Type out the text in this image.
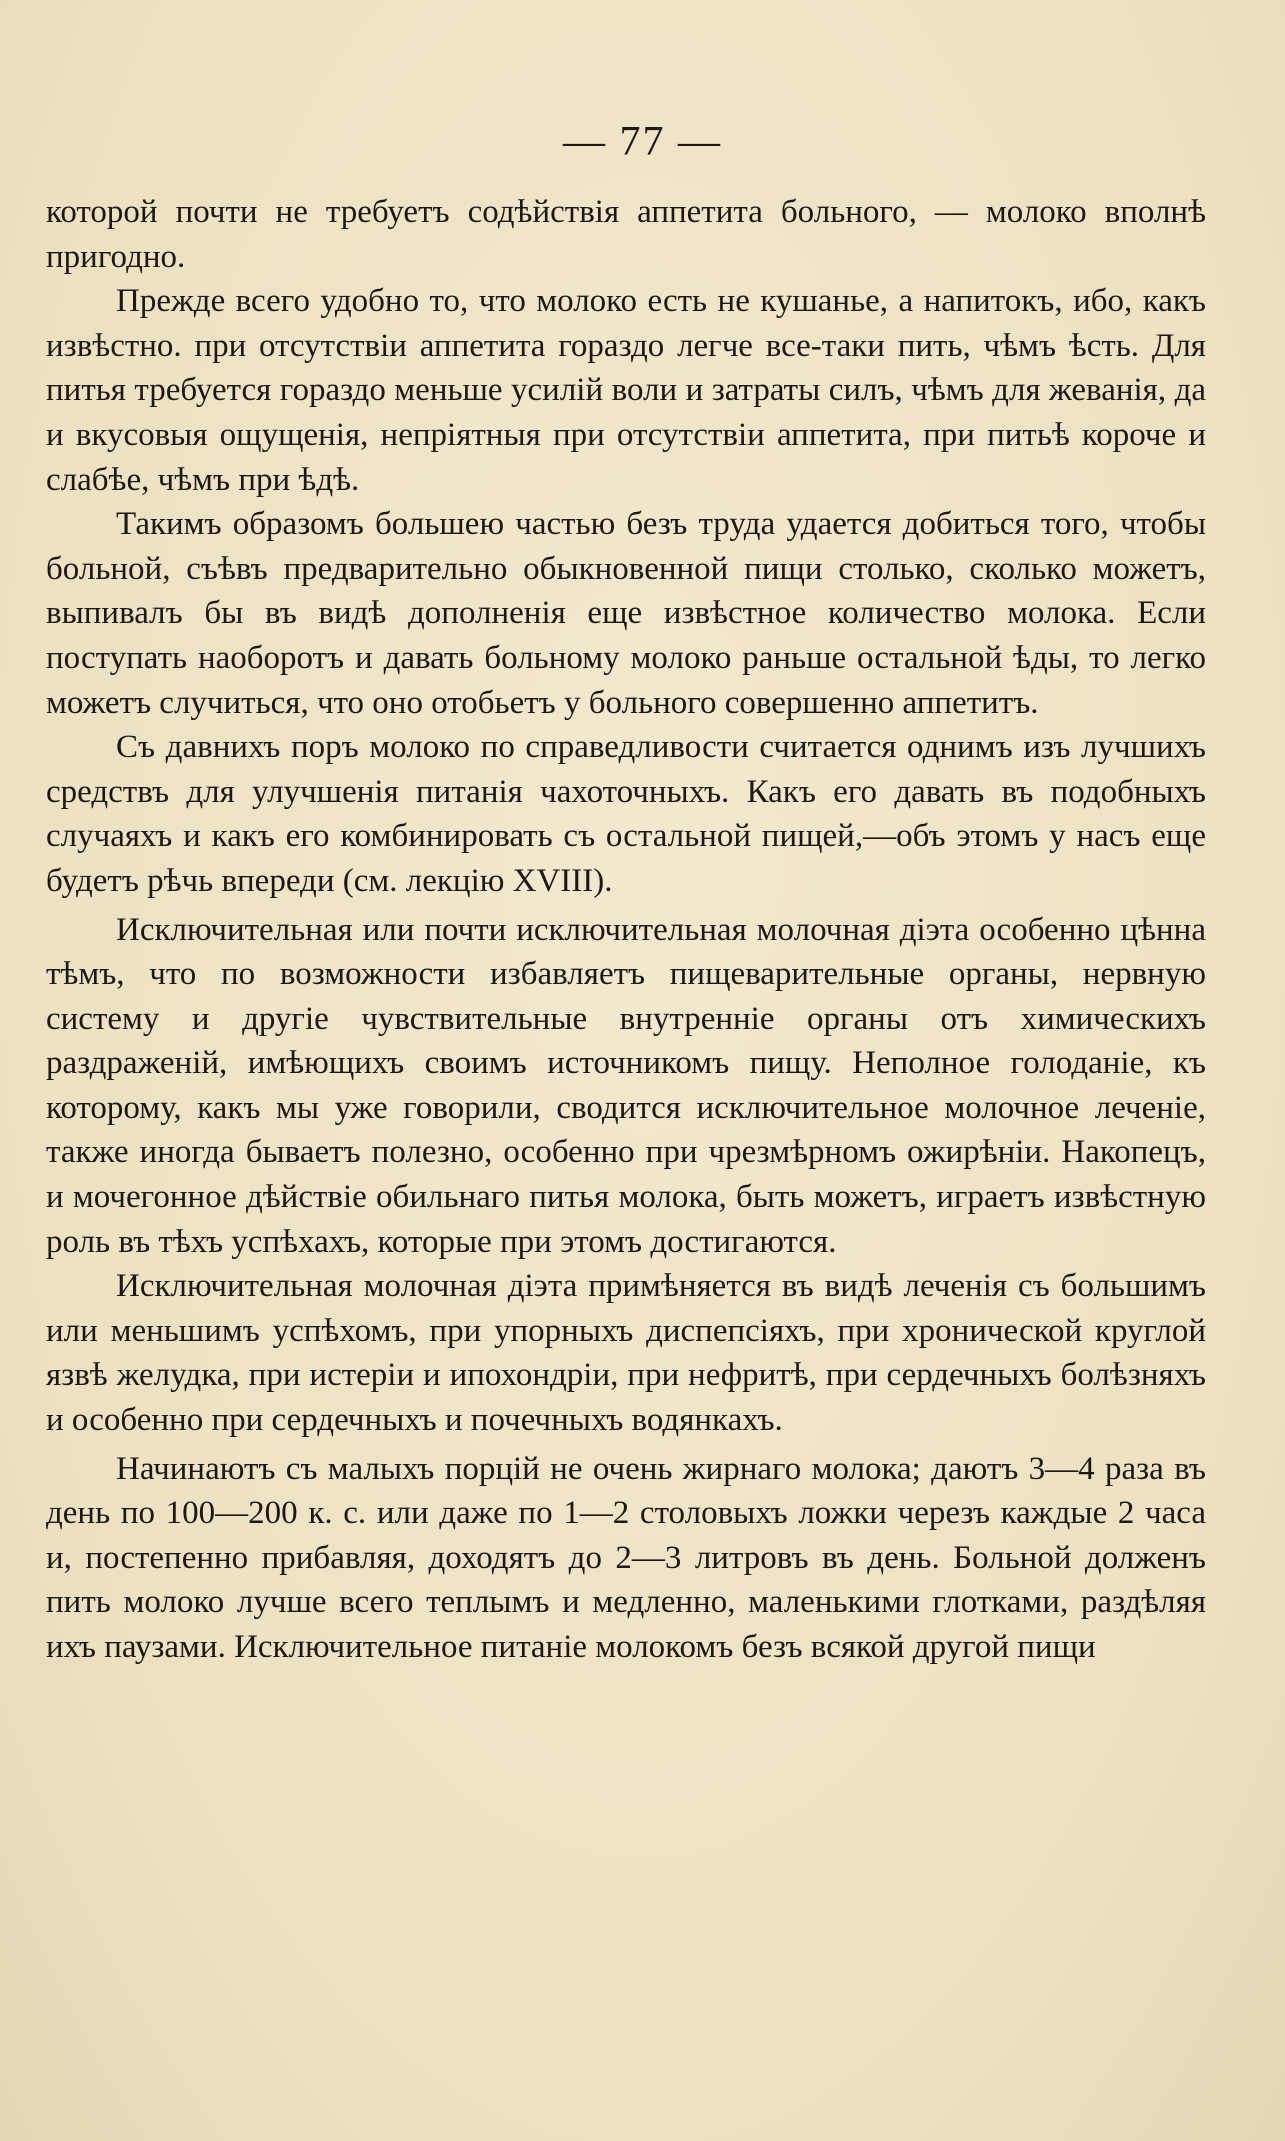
— 77 —

которой почти не требуетъ содѣйствія аппетита больного, — молоко вполнѣ пригодно.

Прежде всего удобно то, что молоко есть не кушанье, а напитокъ, ибо, какъ извѣстно. при отсутствіи аппетита гораздо легче все-таки пить, чѣмъ ѣсть. Для питья требуется гораздо меньше усилій воли и затраты силъ, чѣмъ для жеванія, да и вкусовыя ощущенія, непріятныя при отсутствіи аппетита, при питьѣ короче и слабѣе, чѣмъ при ѣдѣ.

Такимъ образомъ большею частью безъ труда удается добиться того, чтобы больной, съѣвъ предварительно обыкновенной пищи столько, сколько можетъ, выпивалъ бы въ видѣ дополненія еще извѣстное количество молока. Если поступать наоборотъ и давать больному молоко раньше остальной ѣды, то легко можетъ случиться, что оно отобьетъ у больного совершенно аппетитъ.

Съ давнихъ поръ молоко по справедливости считается однимъ изъ лучшихъ средствъ для улучшенія питанія чахоточныхъ. Какъ его давать въ подобныхъ случаяхъ и какъ его комбинировать съ остальной пищей,—объ этомъ у насъ еще будетъ рѣчь впереди (см. лекцію XVIII).

Исключительная или почти исключительная молочная діэта особенно цѣнна тѣмъ, что по возможности избавляетъ пищеварительные органы, нервную систему и другіе чувствительные внутренніе органы отъ химическихъ раздраженій, имѣющихъ своимъ источникомъ пищу. Неполное голоданіе, къ которому, какъ мы уже говорили, сводится исключительное молочное леченіе, также иногда бываетъ полезно, особенно при чрезмѣрномъ ожирѣніи. Накопецъ, и мочегонное дѣйствіе обильнаго питья молока, быть можетъ, играетъ извѣстную роль въ тѣхъ успѣхахъ, которые при этомъ достигаются.

Исключительная молочная діэта примѣняется въ видѣ леченія съ большимъ или меньшимъ успѣхомъ, при упорныхъ диспепсіяхъ, при хронической круглой язвѣ желудка, при истеріи и ипохондріи, при нефритѣ, при сердечныхъ болѣзняхъ и особенно при сердечныхъ и почечныхъ водянкахъ.

Начинаютъ съ малыхъ порцій не очень жирнаго молока; даютъ 3—4 раза въ день по 100—200 к. с. или даже по 1—2 столовыхъ ложки черезъ каждые 2 часа и, постепенно прибавляя, доходятъ до 2—3 литровъ въ день. Больной долженъ пить молоко лучше всего теплымъ и медленно, маленькими глотками, раздѣляя ихъ паузами. Исключительное питаніе молокомъ безъ всякой другой пищи
